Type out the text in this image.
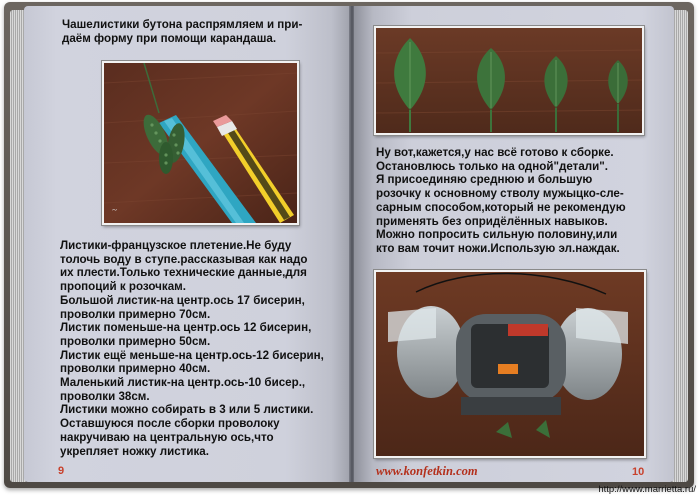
Чашелистики бутона распрямляем и при-
даём форму при помощи карандаша.

~

Листики-французское плетение.Не буду
толочь воду в ступе.рассказывая как надо
их плести.Только технические данные,для
пропоций к розочкам.
Большой листик-на центр.ось 17 бисерин,
проволки примерно 70см.
Листик поменьше-на центр.ось 12 бисерин,
проволки примерно 50см.
Листик ещё меньше-на центр.ось-12 бисерин,
проволки примерно 40см.
Маленький листик-на центр.ось-10 бисер.,
проволки 38см.
Листики можно собирать в 3 или 5 листики.
Оставшуюся после сборки проволоку
накручиваю на центральную ось,что
укрепляет ножку листика.

9

Ну вот,кажется,у нас всё готово к сборке.
Остановлюсь только на одной"детали".
Я присоединяю среднюю и большую
розочку к основному стволу мужыцко-сле-
сарным способом,который не рекомендую
применять без опридёлённых навыков.
Можно попросить сильную половину,или
кто вам точит ножи.Использую эл.наждак.

www.konfetkin.com	10
http://www.marrietta.ru/
